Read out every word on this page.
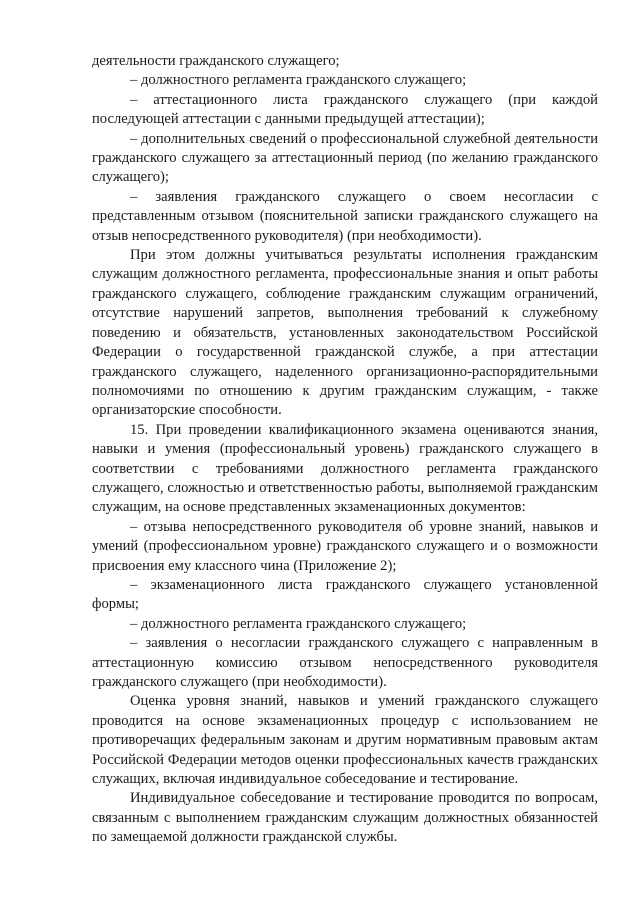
деятельности гражданского служащего;

– должностного регламента гражданского служащего;

– аттестационного листа гражданского служащего (при каждой последующей аттестации с данными предыдущей аттестации);

– дополнительных сведений о профессиональной служебной деятельности гражданского служащего за аттестационный период (по желанию гражданского служащего);

– заявления гражданского служащего о своем несогласии с представленным отзывом (пояснительной записки гражданского служащего на отзыв непосредственного руководителя) (при необходимости).

При этом должны учитываться результаты исполнения гражданским служащим должностного регламента, профессиональные знания и опыт работы гражданского служащего, соблюдение гражданским служащим ограничений, отсутствие нарушений запретов, выполнения требований к служебному поведению и обязательств, установленных законодательством Российской Федерации о государственной гражданской службе, а при аттестации гражданского служащего, наделенного организационно-распорядительными полномочиями по отношению к другим гражданским служащим, - также организаторские способности.

15. При проведении квалификационного экзамена оцениваются знания, навыки и умения (профессиональный уровень) гражданского служащего в соответствии с требованиями должностного регламента гражданского служащего, сложностью и ответственностью работы, выполняемой гражданским служащим, на основе представленных экзаменационных документов:

– отзыва непосредственного руководителя об уровне знаний, навыков и умений (профессиональном уровне) гражданского служащего и о возможности присвоения ему классного чина (Приложение 2);

– экзаменационного листа гражданского служащего установленной формы;

– должностного регламента гражданского служащего;

– заявления о несогласии гражданского служащего с направленным в аттестационную комиссию отзывом непосредственного руководителя гражданского служащего (при необходимости).

Оценка уровня знаний, навыков и умений гражданского служащего проводится на основе экзаменационных процедур с использованием не противоречащих федеральным законам и другим нормативным правовым актам Российской Федерации методов оценки профессиональных качеств гражданских служащих, включая индивидуальное собеседование и тестирование.

Индивидуальное собеседование и тестирование проводится по вопросам, связанным с выполнением гражданским служащим должностных обязанностей по замещаемой должности гражданской службы.
